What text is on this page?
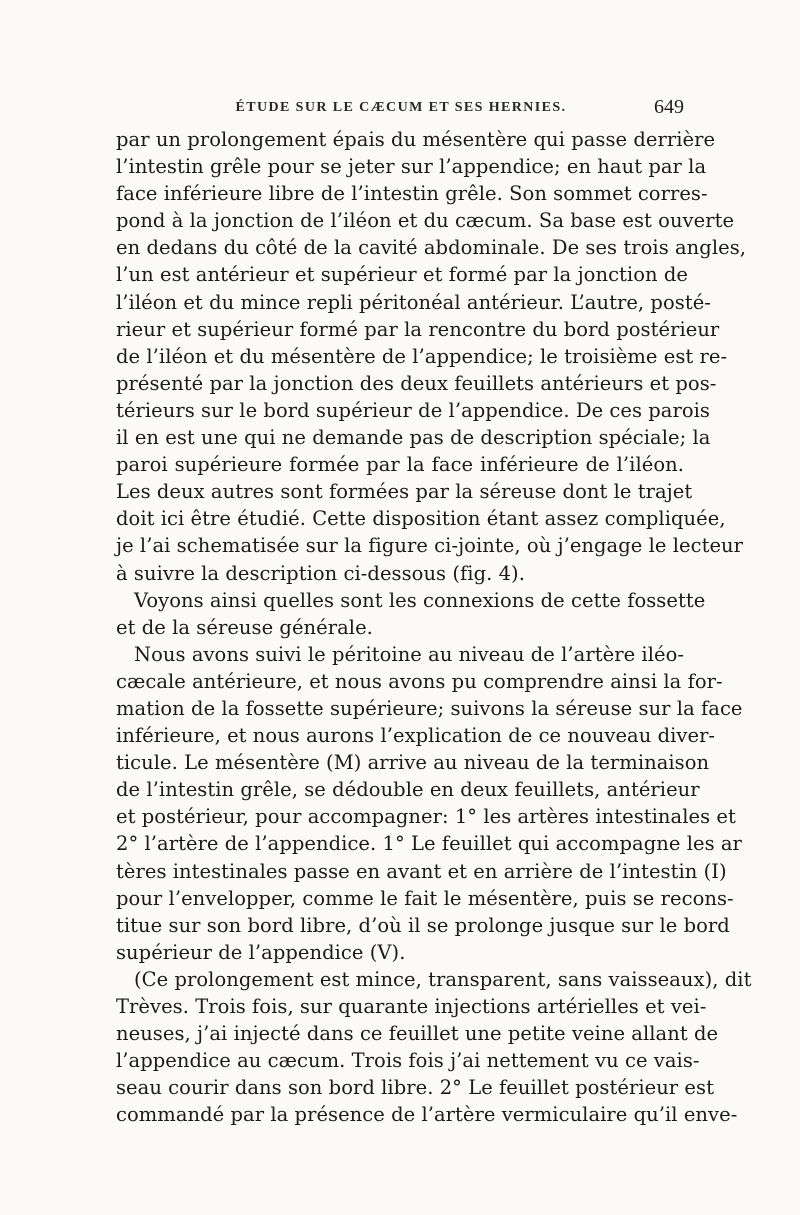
ÉTUDE SUR LE CÆCUM ET SES HERNIES.	649
par un prolongement épais du mésentère qui passe derrière
l’intestin grêle pour se jeter sur l’appendice; en haut par la
face inférieure libre de l’intestin grêle. Son sommet corres-
pond à la jonction de l’iléon et du cæcum. Sa base est ouverte
en dedans du côté de la cavité abdominale. De ses trois angles,
l’un est antérieur et supérieur et formé par la jonction de
l’iléon et du mince repli péritonéal antérieur. L’autre, posté-
rieur et supérieur formé par la rencontre du bord postérieur
de l’iléon et du mésentère de l’appendice; le troisième est re-
présenté par la jonction des deux feuillets antérieurs et pos-
térieurs sur le bord supérieur de l’appendice. De ces parois
il en est une qui ne demande pas de description spéciale; la
paroi supérieure formée par la face inférieure de l’iléon.
Les deux autres sont formées par la séreuse dont le trajet
doit ici être étudié. Cette disposition étant assez compliquée,
je l’ai schematisée sur la figure ci-jointe, où j’engage le lecteur
à suivre la description ci-dessous (fig. 4).
Voyons ainsi quelles sont les connexions de cette fossette
et de la séreuse générale.
Nous avons suivi le péritoine au niveau de l’artère iléo-
cæcale antérieure, et nous avons pu comprendre ainsi la for-
mation de la fossette supérieure; suivons la séreuse sur la face
inférieure, et nous aurons l’explication de ce nouveau diver-
ticule. Le mésentère (M) arrive au niveau de la terminaison
de l’intestin grêle, se dédouble en deux feuillets, antérieur
et postérieur, pour accompagner: 1° les artères intestinales et
2° l’artère de l’appendice. 1° Le feuillet qui accompagne les ar
tères intestinales passe en avant et en arrière de l’intestin (I)
pour l’envelopper, comme le fait le mésentère, puis se recons-
titue sur son bord libre, d’où il se prolonge jusque sur le bord
supérieur de l’appendice (V).
(Ce prolongement est mince, transparent, sans vaisseaux), dit
Trèves. Trois fois, sur quarante injections artérielles et vei-
neuses, j’ai injecté dans ce feuillet une petite veine allant de
l’appendice au cæcum. Trois fois j’ai nettement vu ce vais-
seau courir dans son bord libre. 2° Le feuillet postérieur est
commandé par la présence de l’artère vermiculaire qu’il enve-
